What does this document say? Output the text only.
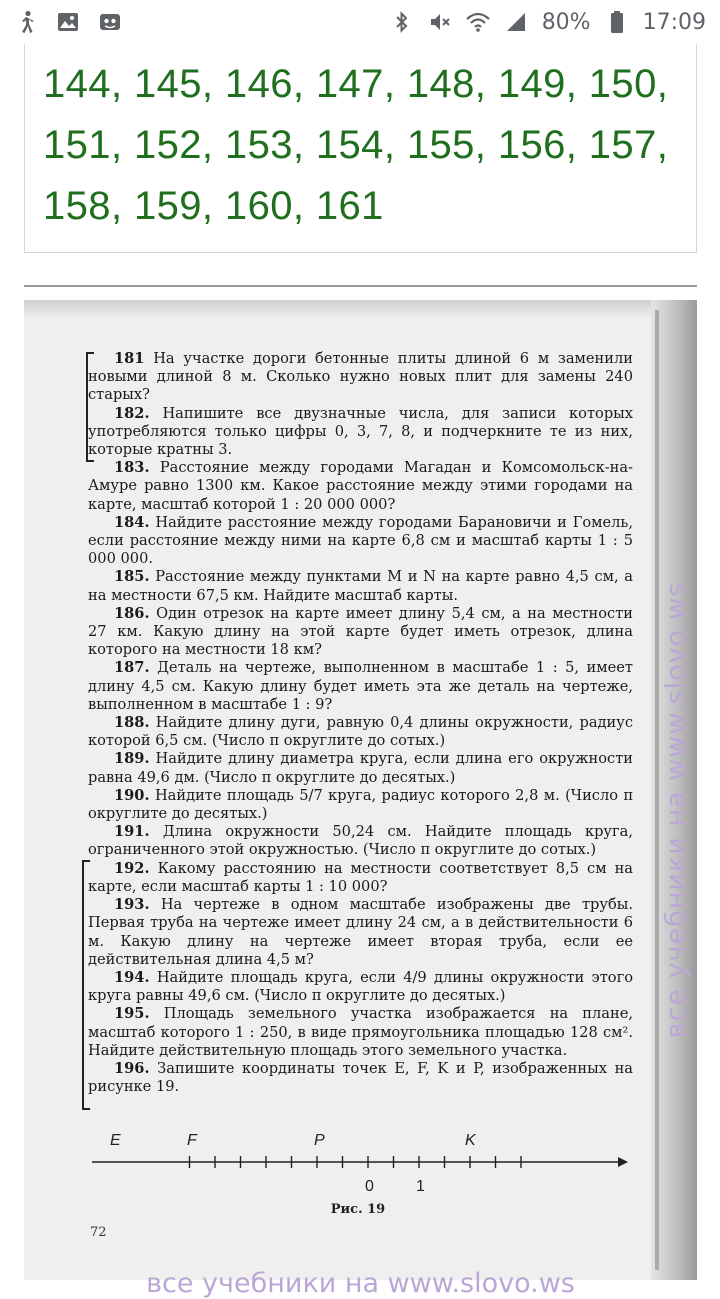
80% 17:09
144, 145, 146, 147, 148, 149, 150, 151, 152, 153, 154, 155, 156, 157, 158, 159, 160, 161

181 На участке дороги бетонные плиты длиной 6 м заменили новыми длиной 8 м. Сколько нужно новых плит для замены 240 старых?

182. Напишите все двузначные числа, для записи которых употребляются только цифры 0, 3, 7, 8, и подчеркните те из них, которые кратны 3.

183. Расстояние между городами Магадан и Комсомольск-на-Амуре равно 1300 км. Какое расстояние между этими городами на карте, масштаб которой 1 : 20 000 000?

184. Найдите расстояние между городами Барановичи и Гомель, если расстояние между ними на карте 6,8 см и масштаб карты 1 : 5 000 000.

185. Расстояние между пунктами M и N на карте равно 4,5 см, а на местности 67,5 км. Найдите масштаб карты.

186. Один отрезок на карте имеет длину 5,4 см, а на местности 27 км. Какую длину на этой карте будет иметь отрезок, длина которого на местности 18 км?

187. Деталь на чертеже, выполненном в масштабе 1 : 5, имеет длину 4,5 см. Какую длину будет иметь эта же деталь на чертеже, выполненном в масштабе 1 : 9?

188. Найдите длину дуги, равную 0,4 длины окружности, радиус которой 6,5 см. (Число π округлите до сотых.)

189. Найдите длину диаметра круга, если длина его окружности равна 49,6 дм. (Число π округлите до десятых.)

190. Найдите площадь 5/7 круга, радиус которого 2,8 м. (Число π округлите до десятых.)

191. Длина окружности 50,24 см. Найдите площадь круга, ограниченного этой окружностью. (Число π округлите до сотых.)

192. Какому расстоянию на местности соответствует 8,5 см на карте, если масштаб карты 1 : 10 000?

193. На чертеже в одном масштабе изображены две трубы. Первая труба на чертеже имеет длину 24 см, а в действительности 6 м. Какую длину на чертеже имеет вторая труба, если ее действительная длина 4,5 м?

194. Найдите площадь круга, если 4/9 длины окружности этого круга равны 49,6 см. (Число π округлите до десятых.)

195. Площадь земельного участка изображается на плане, масштаб которого 1 : 250, в виде прямоугольника площадью 128 см². Найдите действительную площадь этого земельного участка.

196. Запишите координаты точек E, F, K и P, изображенных на рисунке 19.

все учебники на www.slovo.ws
E	F	P	K
0	1
Рис. 19
72
все учебники на www.slovo.ws
